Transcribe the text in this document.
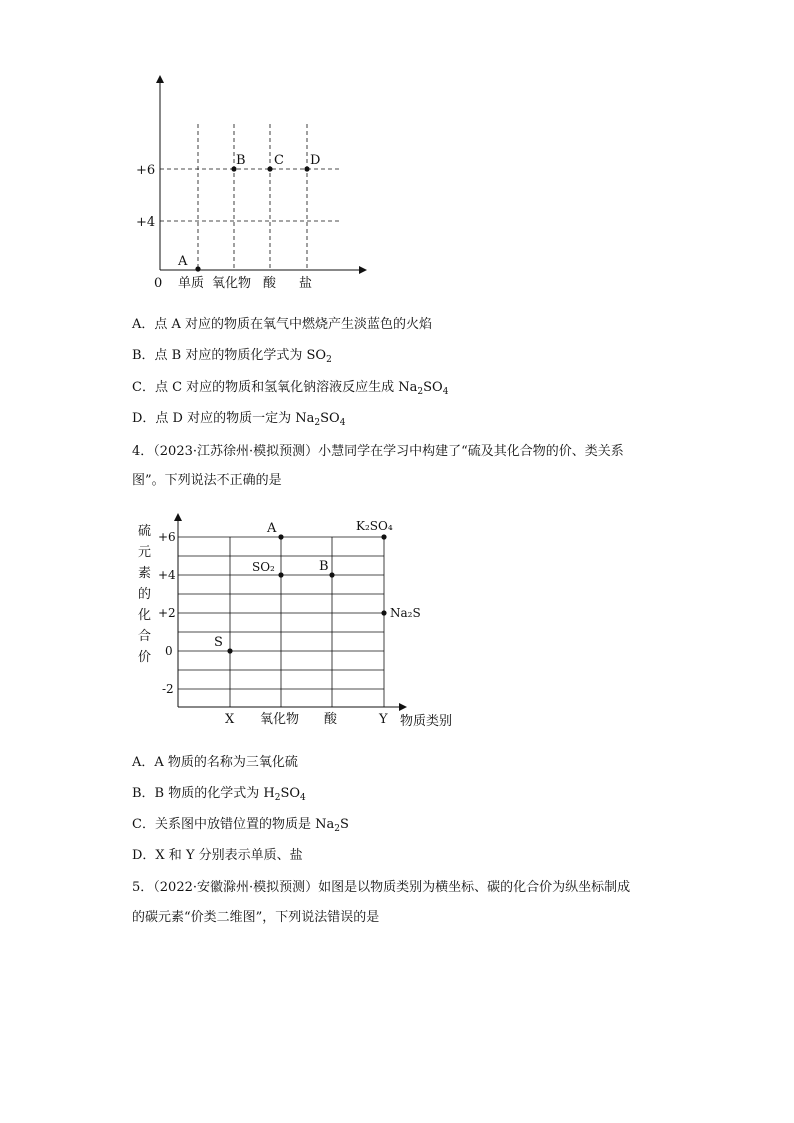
+6
+4
0 单质 氧化物 酸 盐
A
B C D
A．点 A 对应的物质在氧气中燃烧产生淡蓝色的火焰
B．点 B 对应的物质化学式为 $SO_2$
C．点 C 对应的物质和氢氧化钠溶液反应生成 $Na_2SO_4$
D．点 D 对应的物质一定为 $Na_2SO_4$
4．（2023·江苏徐州·模拟预测）小慧同学在学习中构建了“硫及其化合物的价、类关系
图”。下列说法不正确的是
硫
元
素
的
化
合
价
+6
+4
+2
0
-2
X 氧化物 酸	Y 物质类别
A	K₂SO₄
SO₂	B
Na₂S
S
A．A 物质的名称为三氧化硫
B．B 物质的化学式为 $H_2SO_4$
C．关系图中放错位置的物质是 $Na_2S$
D．X 和 Y 分别表示单质、盐
5．（2022·安徽滁州·模拟预测）如图是以物质类别为横坐标、碳的化合价为纵坐标制成
的碳元素“价类二维图”，下列说法错误的是
